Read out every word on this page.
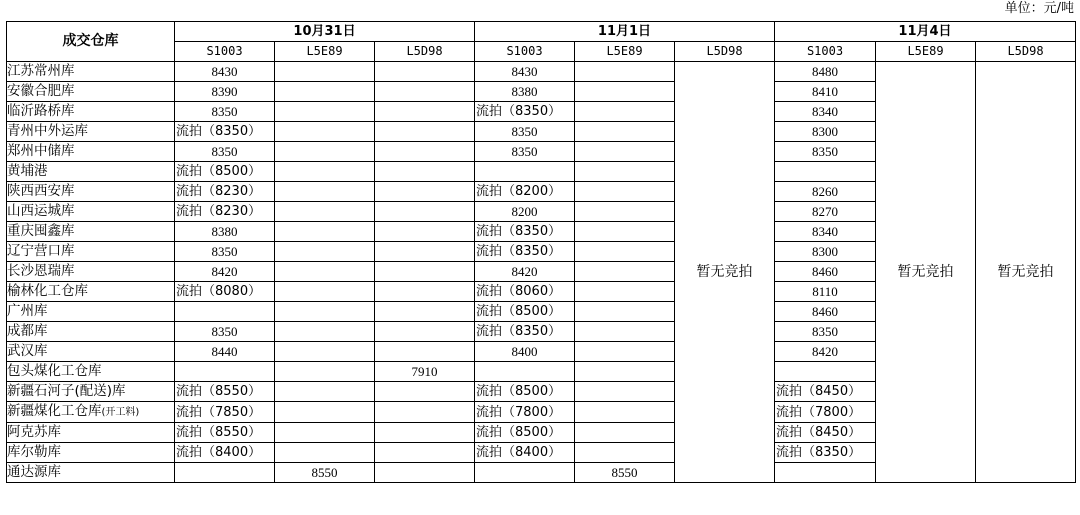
单位：元/吨
成交仓库	10月31日			11月1日			11月4日		
	S1003	L5E89	L5D98	S1003	L5E89	L5D98	S1003	L5E89	L5D98
江苏常州库	8430			8430		暂无竞拍	8480	暂无竞拍	暂无竞拍
安徽合肥库	8390			8380			8410		
临沂路桥库	8350			流拍（8350）			8340		
青州中外运库	流拍（8350）			8350			8300		
郑州中储库	8350			8350			8350		
黄埔港	流拍（8500）								
陕西西安库	流拍（8230）			流拍（8200）			8260		
山西运城库	流拍（8230）			8200			8270		
重庆囤鑫库	8380			流拍（8350）			8340		
辽宁营口库	8350			流拍（8350）			8300		
长沙恩瑞库	8420			8420			8460		
榆林化工仓库	流拍（8080）			流拍（8060）			8110		
广州库				流拍（8500）			8460		
成都库	8350			流拍（8350）			8350		
武汉库	8440			8400			8420		
包头煤化工仓库			7910						
新疆石河子(配送)库	流拍（8550）			流拍（8500）			流拍（8450）		
新疆煤化工仓库(开工料)	流拍（7850）			流拍（7800）			流拍（7800）		
阿克苏库	流拍（8550）			流拍（8500）			流拍（8450）		
库尔勒库	流拍（8400）			流拍（8400）			流拍（8350）		
通达源库		8550			8550				
